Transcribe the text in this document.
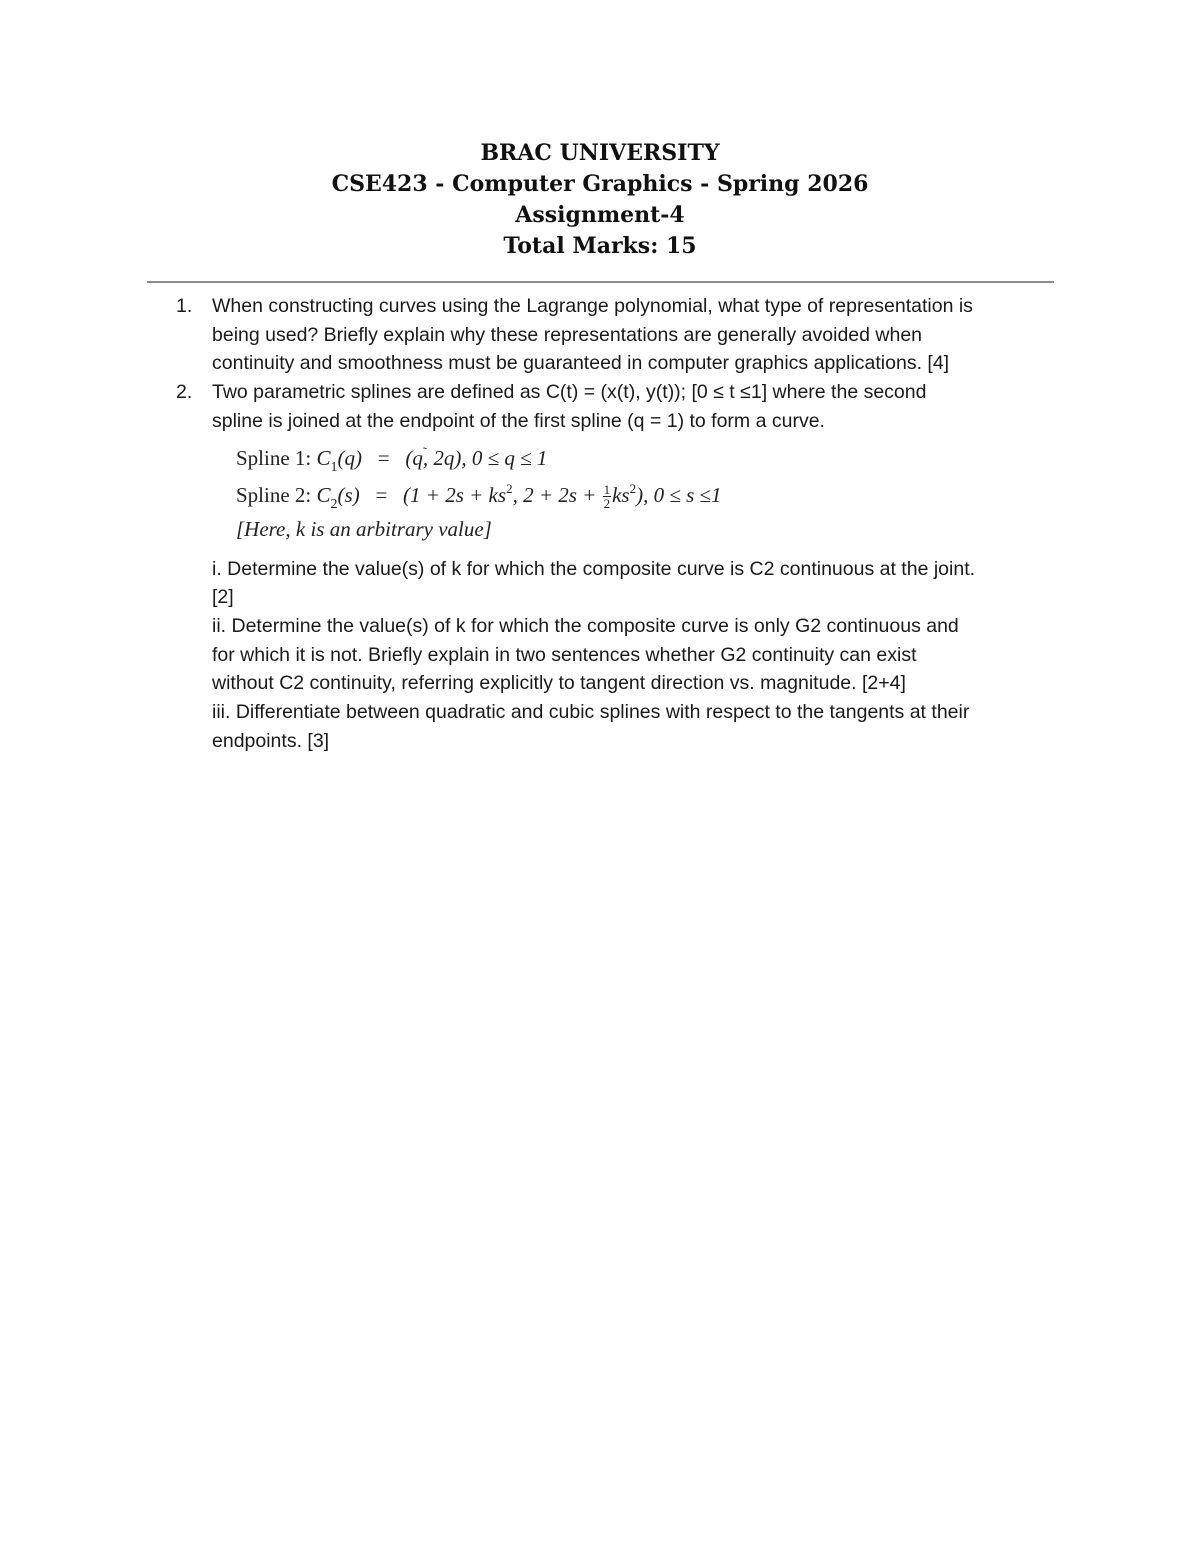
BRAC UNIVERSITY
CSE423 - Computer Graphics - Spring 2026
Assignment-4
Total Marks: 15
1.	When constructing curves using the Lagrange polynomial, what type of representation is
being used? Briefly explain why these representations are generally avoided when
continuity and smoothness must be guaranteed in computer graphics applications. [4]
2.	Two parametric splines are defined as C(t) = (x(t), y(t)); [0 ≤ t ≤1] where the second
spline is joined at the endpoint of the first spline (q = 1) to form a curve.
Spline 1: $C_1(q) = (q$, 2q), 0 ≤ q ≤ 1
Spline 2: $C_2(s) = (1 + 2s + ks^2$, $2 + 2s + \frac{1}{2} ks^2$), 0 ≤ s ≤1
[Here, k is an arbitrary value]
i. Determine the value(s) of k for which the composite curve is C2 continuous at the joint.
[2]
ii. Determine the value(s) of k for which the composite curve is only G2 continuous and
for which it is not. Briefly explain in two sentences whether G2 continuity can exist
without C2 continuity, referring explicitly to tangent direction vs. magnitude. [2+4]
iii. Differentiate between quadratic and cubic splines with respect to the tangents at their
endpoints. [3]
